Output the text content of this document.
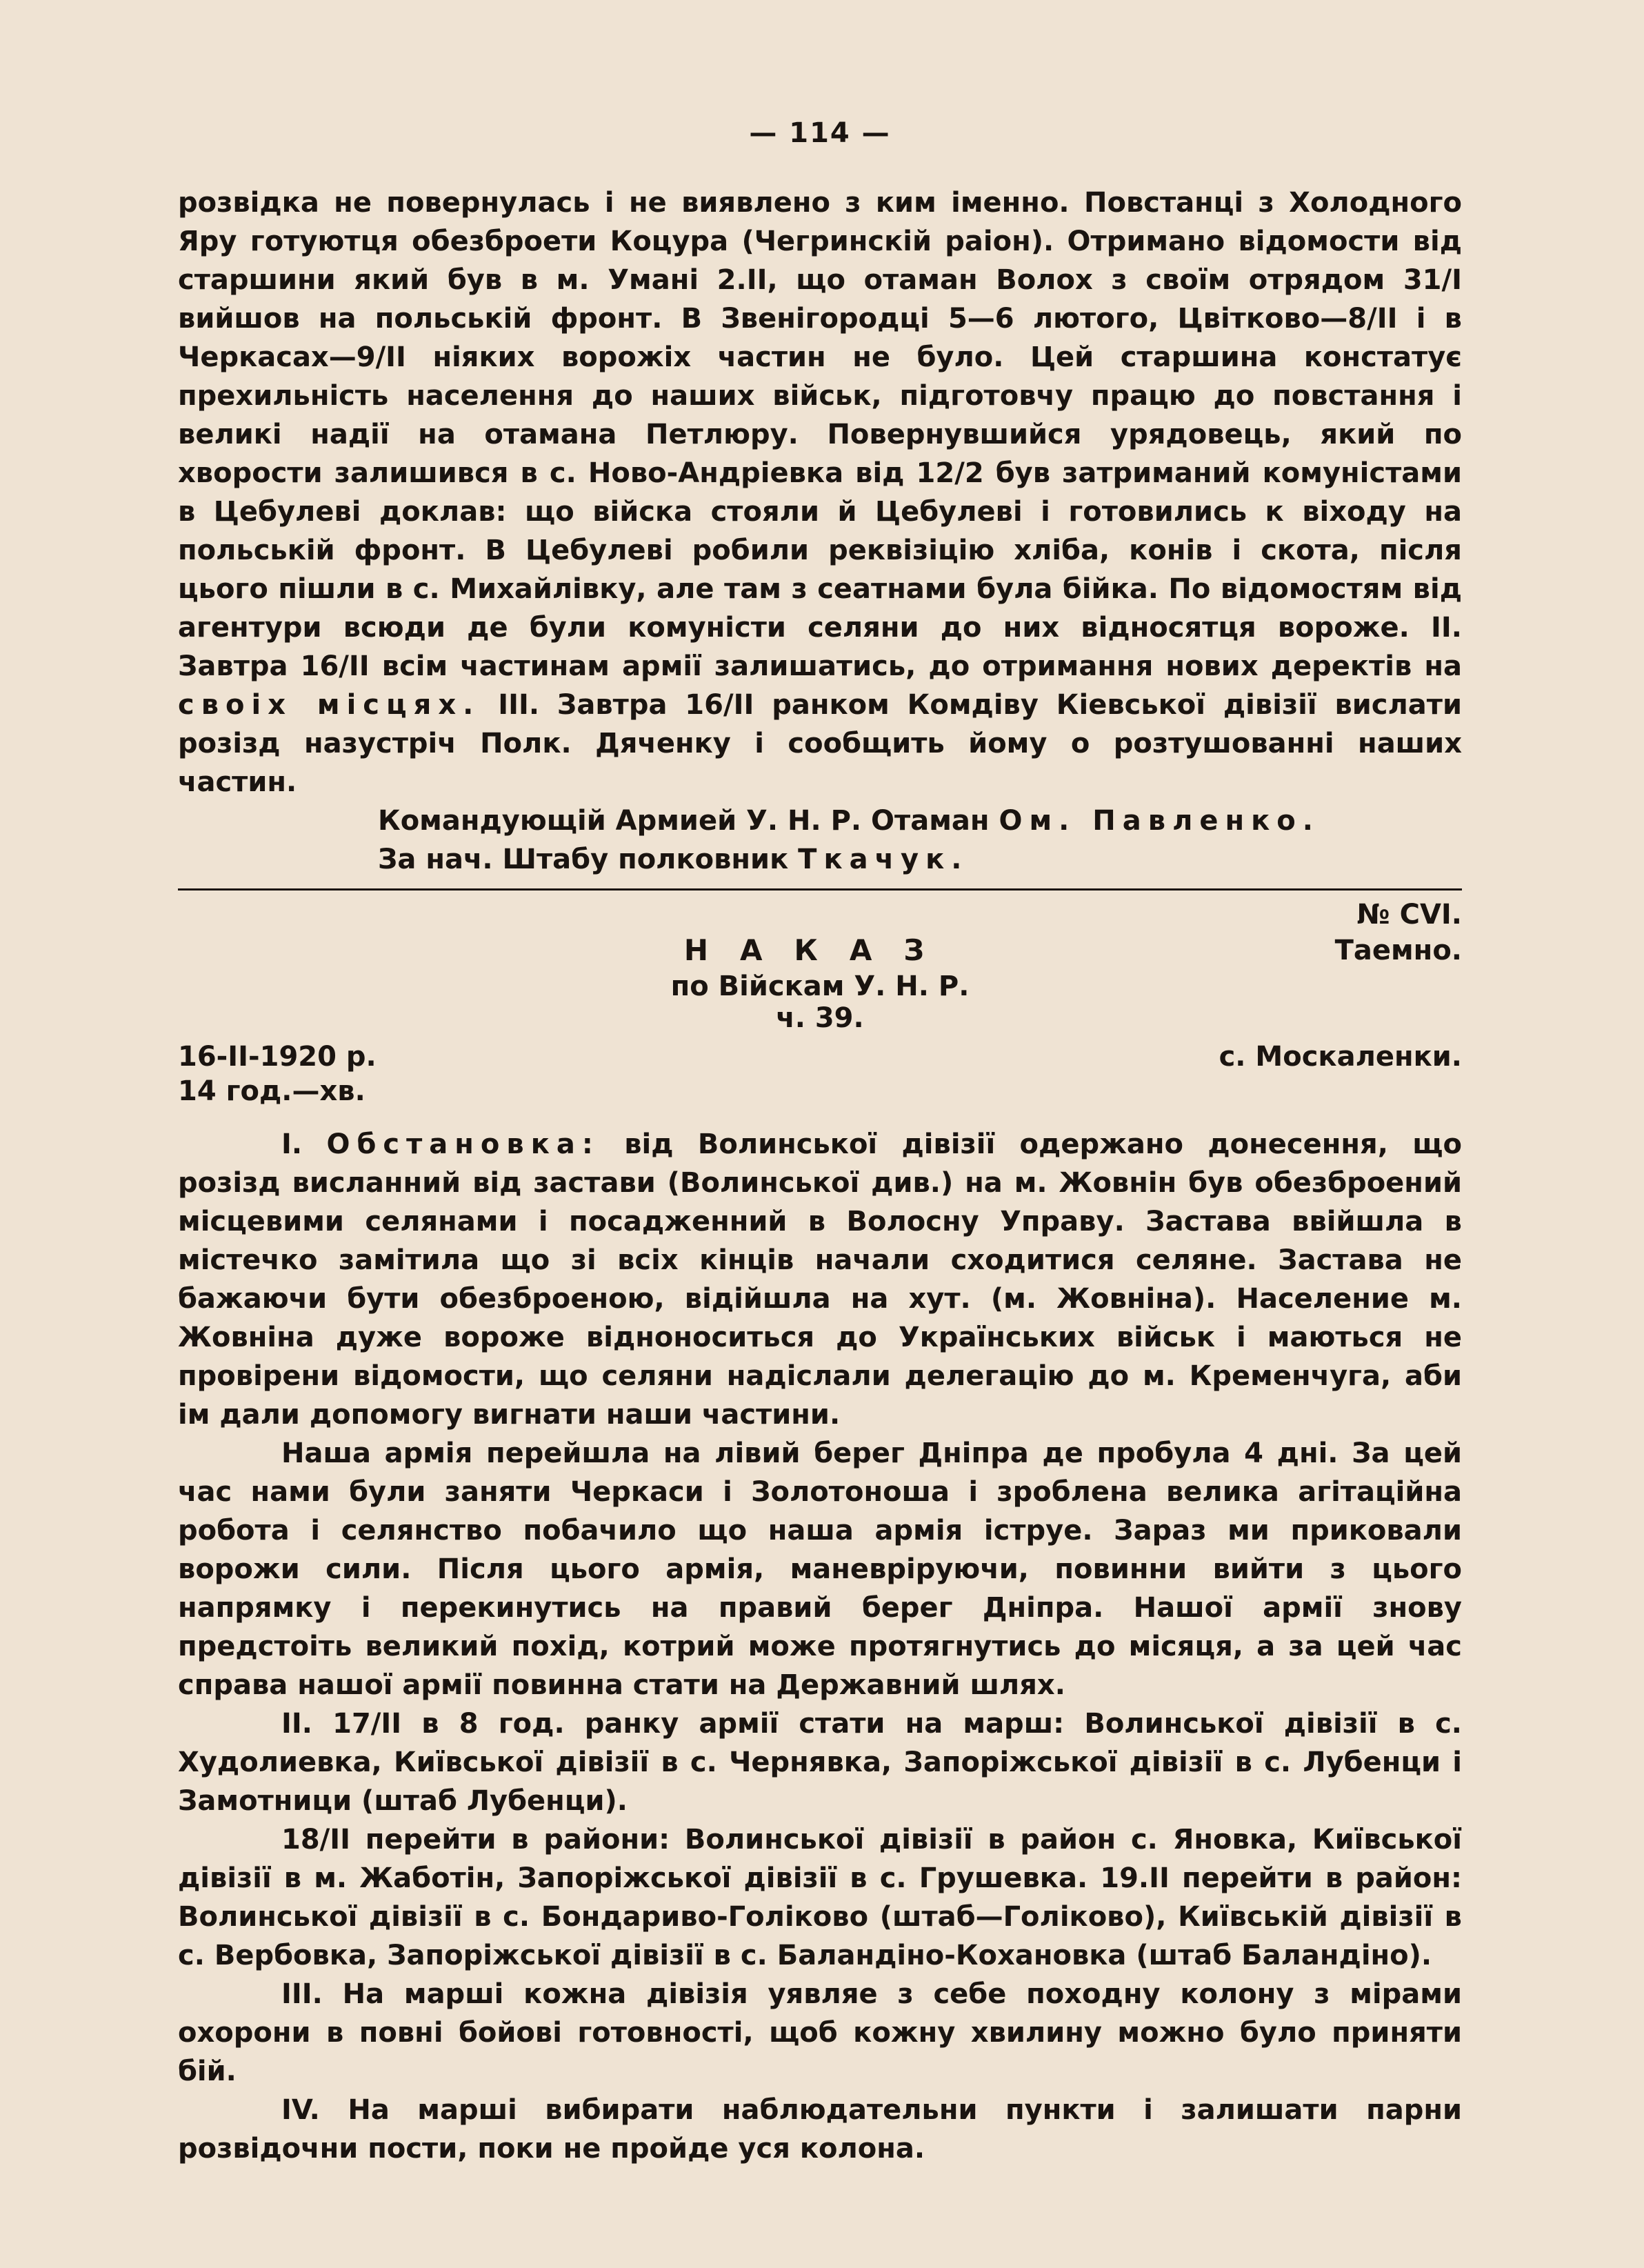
— 114 —

розвідка не повернулась і не виявлено з ким іменно. Повстанці з Холодного Яру готуютця обезброети Коцура (Чегринскій раіон). Отримано відомости від старшини який був в м. Умані 2.II, що отаман Волох з своїм отрядом 31/I вийшов на польській фронт. В Звенігородці 5—6 лютого, Цвітково—8/II і в Черкасах—9/II ніяких ворожіх частин не було. Цей старшина констатує прехильність населення до наших військ, підготовчу працю до повстання і великі надії на отамана Петлюру. Повернувшийся урядовець, який по хворости залишився в с. Ново-Андріевка від 12/2 був затриманий комуністами в Цебулеві доклав: що війска стояли й Цебулеві і готовились к віходу на польській фронт. В Цебулеві робили реквізіцію хліба, конів і скота, після цього пішли в с. Михайлівку, але там з сеатнами була бійка. По відомостям від агентури всюди де були комуністи селяни до них відносятця вороже. II. Завтра 16/II всім частинам армії залишатись, до отримання нових деректів на своіх місцях. III. Завтра 16/II ранком Комдіву Кіевської дівізії вислати розізд назустріч Полк. Дяченку і сообщить йому о розтушованні наших частин.

Командующій Армией У. Н. Р. Отаман Ом. Павленко.
За нач. Штабу полковник Ткачук.
№ CVI.
Таемно.
НАКАЗ
по Війскам У. Н. Р.
ч. 39.
16-II-1920 р.	с. Москаленки.
14 год.—хв.

I. Обстановка: від Волинської дівізії одержано донесення, що розізд висланний від застави (Волинської див.) на м. Жовнін був обезброений місцевими селянами і посадженний в Волосну Управу. Застава ввійшла в містечко замітила що зі всіх кінців начали сходитися селяне. Застава не бажаючи бути обезброеною, відійшла на хут. (м. Жовніна). Население м. Жовніна дуже вороже відноноситься до Українських військ і маються не провірени відомости, що селяни надіслали делегацію до м. Кременчуга, аби ім дали допомогу вигнати наши частини.

Наша армія перейшла на лівий берег Дніпра де пробула 4 дні. За цей час нами були заняти Черкаси і Золотоноша і зроблена велика агітаційна робота і селянство побачило що наша армія іструе. Зараз ми приковали ворожи сили. Після цього армія, маневріруючи, повинни вийти з цього напрямку і перекинутись на правий берег Дніпра. Нашої армії знову предстоіть великий похід, котрий може протягнутись до місяця, а за цей час справа нашої армії повинна стати на Державний шлях.

II. 17/II в 8 год. ранку армії стати на марш: Волинської дівізії в с. Худолиевка, Київської дівізії в с. Чернявка, Запоріжської дівізії в с. Лубенци і Замотници (штаб Лубенци).

18/II перейти в райони: Волинської дівізії в район с. Яновка, Київської дівізії в м. Жаботін, Запоріжської дівізії в с. Грушевка. 19.II перейти в район: Волинської дівізії в с. Бондариво-Голіково (штаб—Голіково), Київській дівізії в с. Вербовка, Запоріжської дівізії в с. Баландіно-Кохановка (штаб Баландіно).

III. На марші кожна дівізія уявляе з себе походну колону з мірами охорони в повні бойові готовності, щоб кожну хвилину можно було приняти бій.

IV. На марші вибирати наблюдательни пункти і залишати парни розвідочни пости, поки не пройде уся колона.
